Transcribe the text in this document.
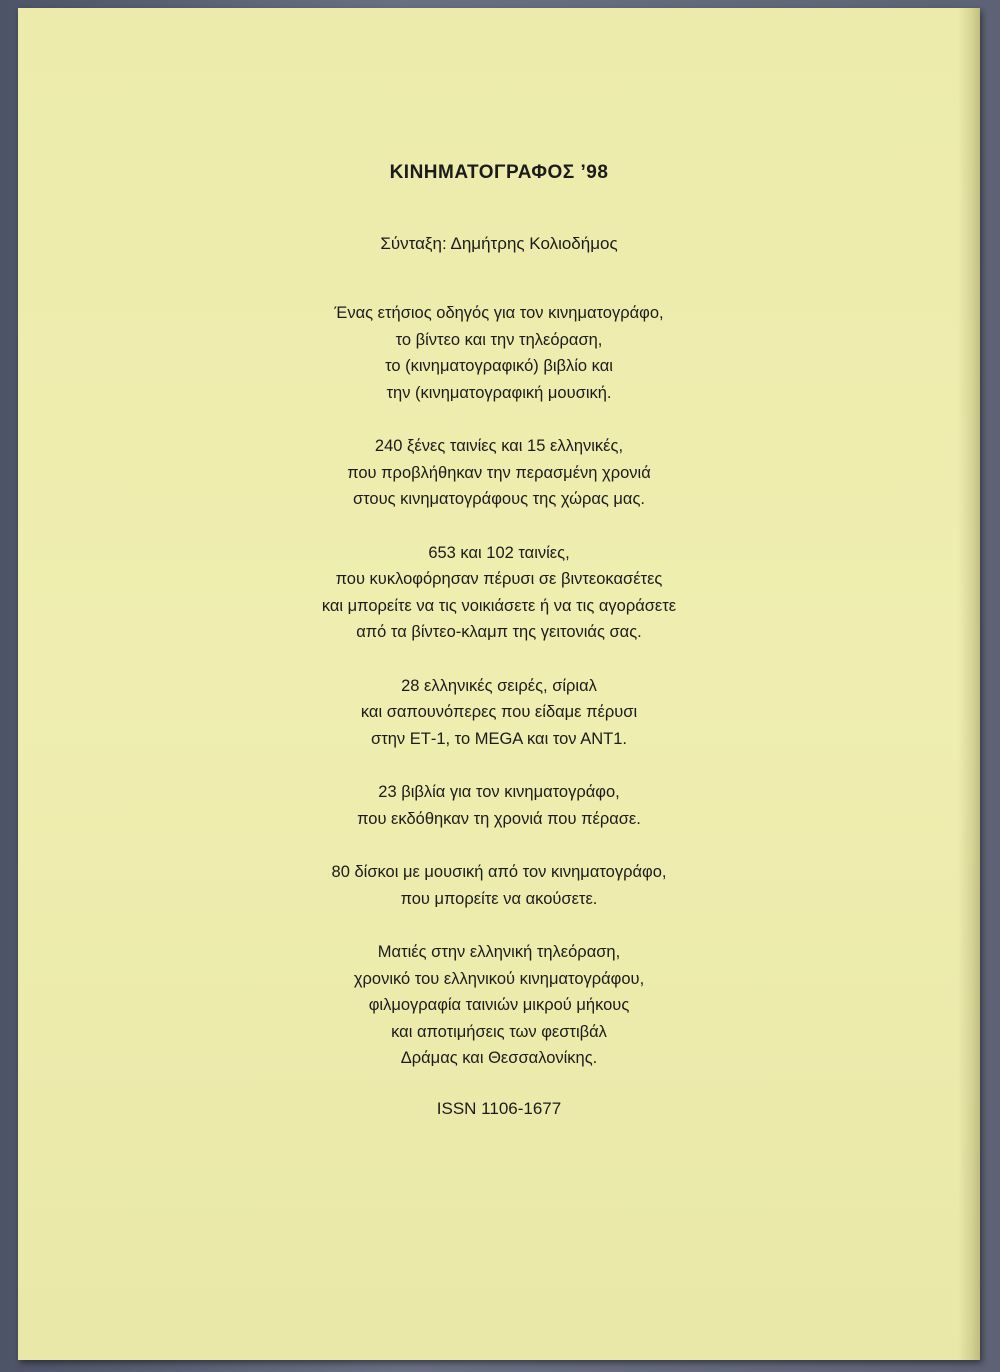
ΚΙΝΗΜΑΤΟΓΡΑΦΟΣ ’98
Σύνταξη: Δημήτρης Κολιοδήμος
Ένας ετήσιος οδηγός για τον κινηματογράφο,
το βίντεο και την τηλεόραση,
το (κινηματογραφικό) βιβλίο και
την (κινηματογραφική μουσική.
240 ξένες ταινίες και 15 ελληνικές,
που προβλήθηκαν την περασμένη χρονιά
στους κινηματογράφους της χώρας μας.
653 και 102 ταινίες,
που κυκλοφόρησαν πέρυσι σε βιντεοκασέτες
και μπορείτε να τις νοικιάσετε ή να τις αγοράσετε
από τα βίντεο-κλαμπ της γειτονιάς σας.
28 ελληνικές σειρές, σίριαλ
και σαπουνόπερες που είδαμε πέρυσι
στην ΕΤ-1, το MEGA και τον ΑΝΤ1.
23 βιβλία για τον κινηματογράφο,
που εκδόθηκαν τη χρονιά που πέρασε.
80 δίσκοι με μουσική από τον κινηματογράφο,
που μπορείτε να ακούσετε.
Ματιές στην ελληνική τηλεόραση,
χρονικό του ελληνικού κινηματογράφου,
φιλμογραφία ταινιών μικρού μήκους
και αποτιμήσεις των φεστιβάλ
Δράμας και Θεσσαλονίκης.
ISSN 1106-1677
